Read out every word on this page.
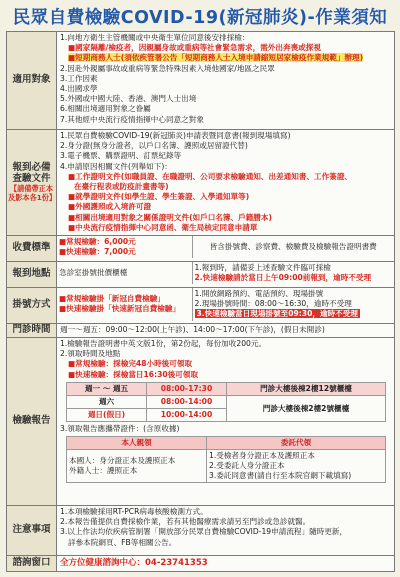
民眾自費檢驗COVID-19(新冠肺炎)-作業須知
適用對象	
1.向地方衛生主管機關或中央衛生單位同意後安排採檢：
■國家隔離/檢疫者，因親屬身故或重病等社會緊急需求，需外出奔喪或探視
■短期商務人士(須依疾管署公告「短期商務人士入境申請縮短居家檢疫作業規範」辦理)
2.因赴外親屬事故或重病等緊急特殊因素入境他國家/地區之民眾
3.工作因素
4.出國求學
5.外國或中國大陸、香港、澳門人士出境
6.相關出境適用對象之眷屬
7.其他經中央流行疫情指揮中心同意之對象

報到必備查驗文件
【請備帶正本及影本各1份】

1.民眾自費檢驗COVID-19(新冠肺炎)申請表暨同意書(報到現場填寫)
2.身分證(無身分證者，以戶口名簿、護照或居留證代替)
3.電子機票、購票證明、訂票紀錄等
4.申請原因相關文件(列舉如下)：
■工作證明文件(如職員證、在職證明、公司要求檢驗通知、出差通知書、工作簽證、
在臺行程表或防疫計畫書等)
■就學證明文件(如學生證、學生簽證、入學通知單等)
■外國護照或入境許可證
■相關出境適用對象之關係證明文件(如戶口名簿、戶籍謄本)
■中央流行疫情指揮中心同意函、衛生局核定同意申請單

收費標準	
■常規檢驗：6,000元
■快速檢驗：7,000元
	皆含掛號費、診察費、檢驗費及檢驗報告證明書費

報到地點	急診室掛號批價櫃檯	
1.報到時，請備妥上述查驗文件臨可採檢
2.快速檢驗請於當日上午09:00前報到，逾時不受理

掛號方式	
■常規檢驗掛「新冠自費檢驗」
■快速檢驗掛「快速新冠自費檢驗」

1.開放網路預約、電話預約、現場掛號
2.現場掛號時間：08:00～16:30，逾時不受理
3.快速檢驗當日現場掛號至09:30，逾時不受理

門診時間	週一～週五：09:00～12:00(上午診)、14:00～17:00(下午診)，(假日未開診)
檢驗報告	
1.檢驗報告證明書中英文版1份，第2份起，每份加收200元。
2.領取時間及地點
■常規檢驗：採檢完48小時後可領取
■快速檢驗：採檢當日16:30後可領取
週一 ～ 週五	08:00-17:30	門診大樓後棟2樓12號櫃檯
週六	08:00-14:00	門診大樓後棟2樓2號櫃檯
週日(假日)	10:00-14:00
3.領取報告應攜帶證件：(含原收據)
本人親領	委託代領

本國人：身分證正本及護照正本
外籍人士：護照正本

1.受檢者身分證正本及護照正本
2.受委託人身分證正本
3.委託同意書(請自行至本院官網下載填寫)

注意事項	
1.本項檢驗採用RT-PCR病毒核酸檢測方式。
2.本報告僅提供自費採檢作業，若有其他醫療需求請另至門診或急診就醫。
3.以上作法均依疾病管制署「開放部分民眾自費檢驗COVID-19申請流程」隨時更新，
詳參本院網頁、FB等相關公告。

諮詢窗口	全方位健康諮詢中心：04-23741353
